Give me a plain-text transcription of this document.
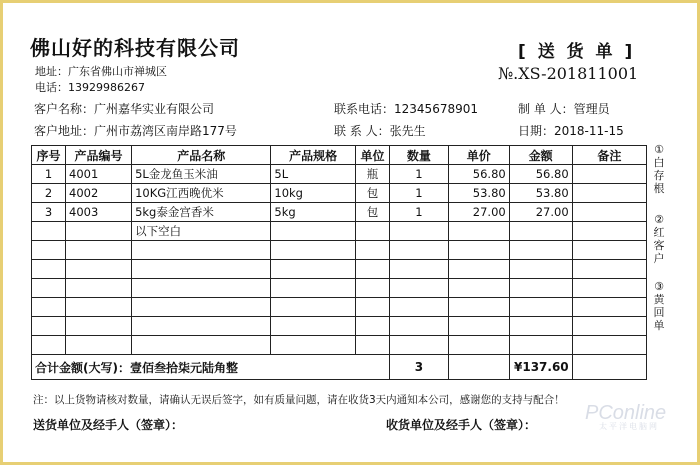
佛山好的科技有限公司	[ 送 货 单 ]
№.XS-201811001
地址：广东省佛山市禅城区
电话：13929986267
客户名称：广州嘉华实业有限公司
客户地址：广州市荔湾区南岸路177号
联系电话：12345678901
联 系 人：张先生
制 单 人：管理员
日期：2018-11-15
序号	产品编号	产品名称	产品规格	单位	数量	单价	金额	备注
1	4001	5L金龙鱼玉米油	5L	瓶	1	56.80	56.80	
2	4002	10KG江西晚优米	10kg	包	1	53.80	53.80	
3	4003	5kg泰金宫香米	5kg	包	1	27.00	27.00	
		以下空白						

合计金额(大写)：壹佰叁拾柒元陆角整					3		¥137.60	
①白存根
②红客户
③黄回单
注：以上货物请核对数量，请确认无误后签字，如有质量问题，请在收货3天内通知本公司，感谢您的支持与配合！
送货单位及经手人（签章）：	收货单位及经手人（签章）：
PConline
太平洋电脑网
